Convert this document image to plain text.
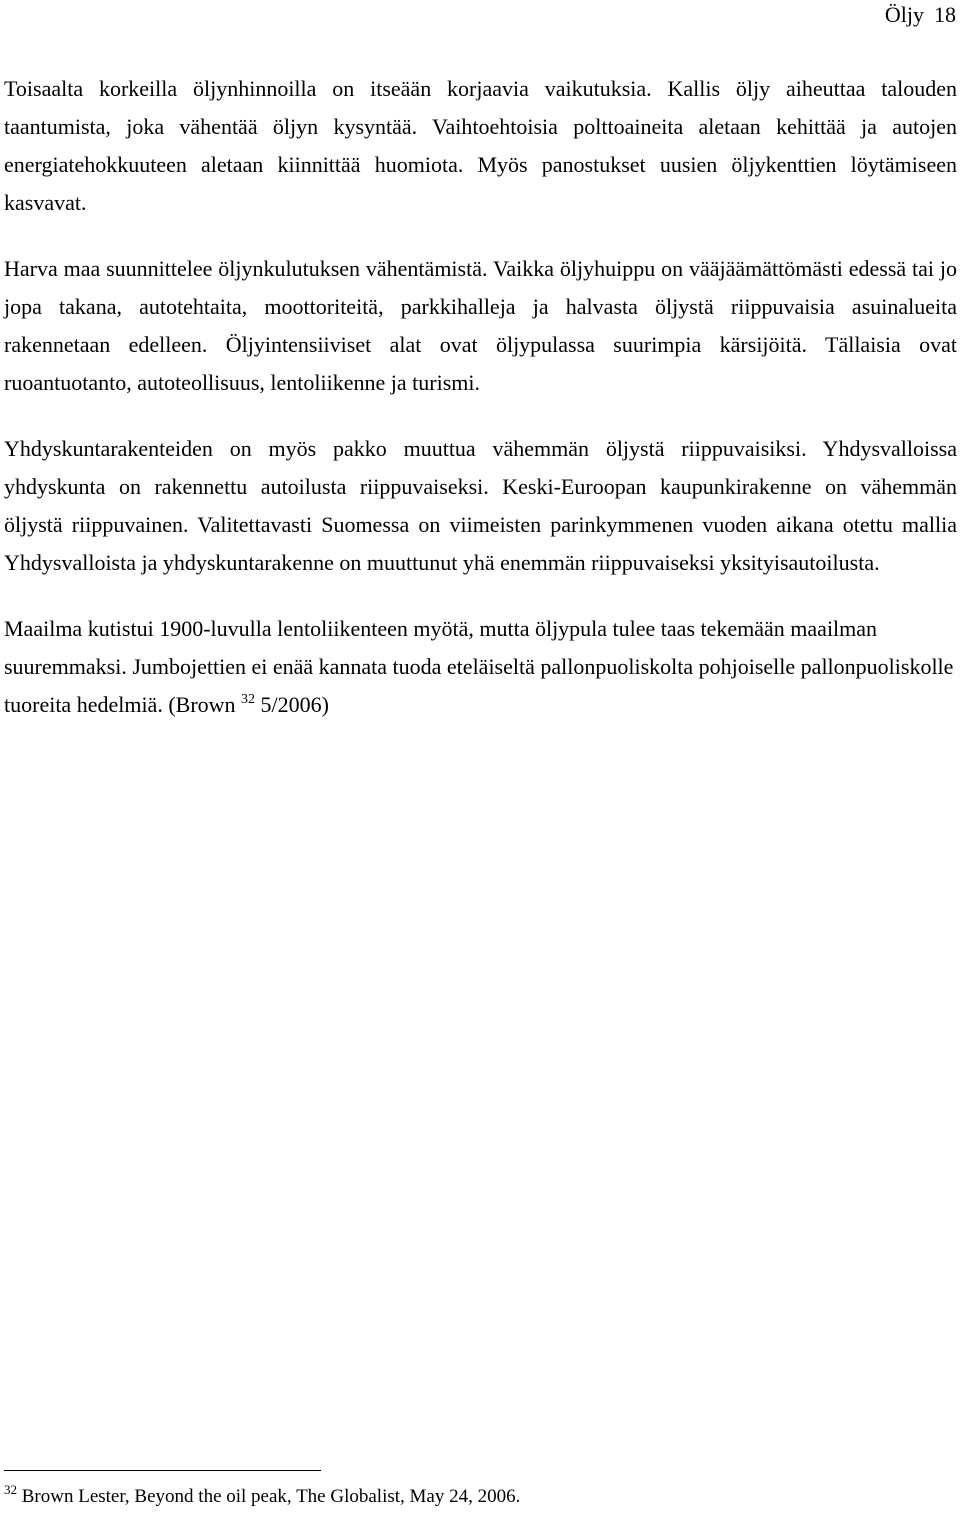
Öljy 18

Toisaalta korkeilla öljynhinnoilla on itseään korjaavia vaikutuksia. Kallis öljy aiheuttaa talouden taantumista, joka vähentää öljyn kysyntää. Vaihtoehtoisia polttoaineita aletaan kehittää ja autojen energiatehokkuuteen aletaan kiinnittää huomiota. Myös panostukset uusien öljykenttien löytämiseen kasvavat.

Harva maa suunnittelee öljynkulutuksen vähentämistä. Vaikka öljyhuippu on vääjäämättömästi edessä tai jo jopa takana, autotehtaita, moottoriteitä, parkkihalleja ja halvasta öljystä riippuvaisia asuinalueita rakennetaan edelleen. Öljyintensiiviset alat ovat öljypulassa suurimpia kärsijöitä. Tällaisia ovat ruoantuotanto, autoteollisuus, lentoliikenne ja turismi.

Yhdyskuntarakenteiden on myös pakko muuttua vähemmän öljystä riippuvaisiksi. Yhdysvalloissa yhdyskunta on rakennettu autoilusta riippuvaiseksi. Keski-Euroopan kaupunkirakenne on vähemmän öljystä riippuvainen. Valitettavasti Suomessa on viimeisten parinkymmenen vuoden aikana otettu mallia Yhdysvalloista ja yhdyskuntarakenne on muuttunut yhä enemmän riippuvaiseksi yksityisautoilusta.

Maailma kutistui 1900-luvulla lentoliikenteen myötä, mutta öljypula tulee taas tekemään maailman suuremmaksi. Jumbojettien ei enää kannata tuoda eteläiseltä pallonpuoliskolta pohjoiselle pallonpuoliskolle tuoreita hedelmiä. (Brown $^{32}$ 5/2006)

$^{32}$ Brown Lester, Beyond the oil peak, The Globalist, May 24, 2006.
